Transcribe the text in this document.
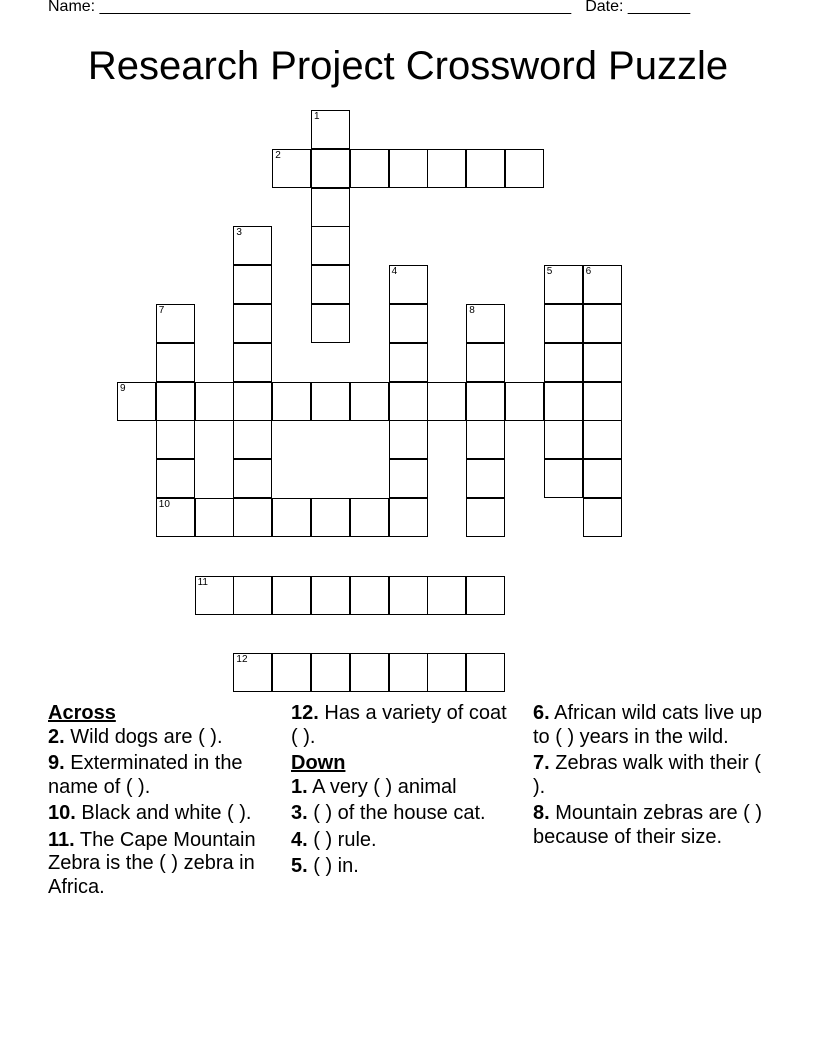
Name: _____________________________________________________ Date: _______
Research Project Crossword Puzzle
1
2
3
4	5	6
7
10
8
9
11
12
Across
2. Wild dogs are ( ).
9. Exterminated in the name of ( ).
10. Black and white ( ).
11. The Cape Mountain Zebra is the ( ) zebra in Africa.
12. Has a variety of coat ( ).
Down
1. A very ( ) animal
3. ( ) of the house cat.
4. ( ) rule.
5. ( ) in.
6. African wild cats live up to ( ) years in the wild.
7. Zebras walk with their ( ).
8. Mountain zebras are ( ) because of their size.
